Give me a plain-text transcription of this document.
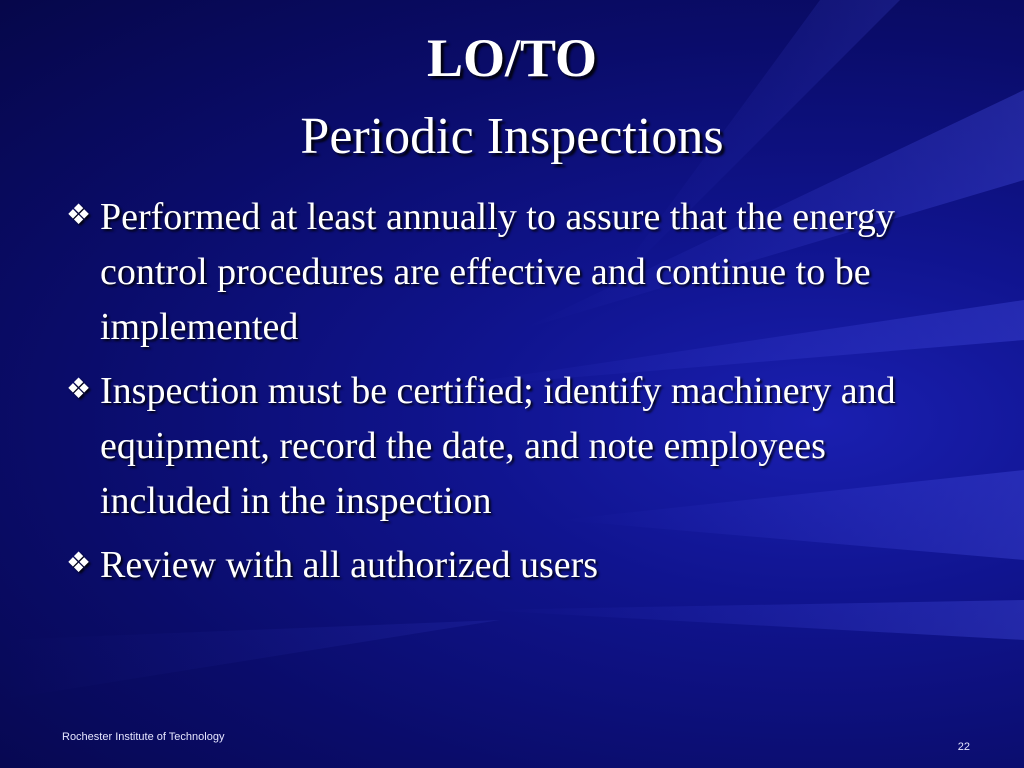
LO/TO
Periodic Inspections
❖ Performed at least annually to assure that the energy control procedures are effective and continue to be implemented
❖ Inspection must be certified; identify machinery and equipment, record the date, and note employees included in the inspection
❖ Review with all authorized users
Rochester Institute of Technology
22
